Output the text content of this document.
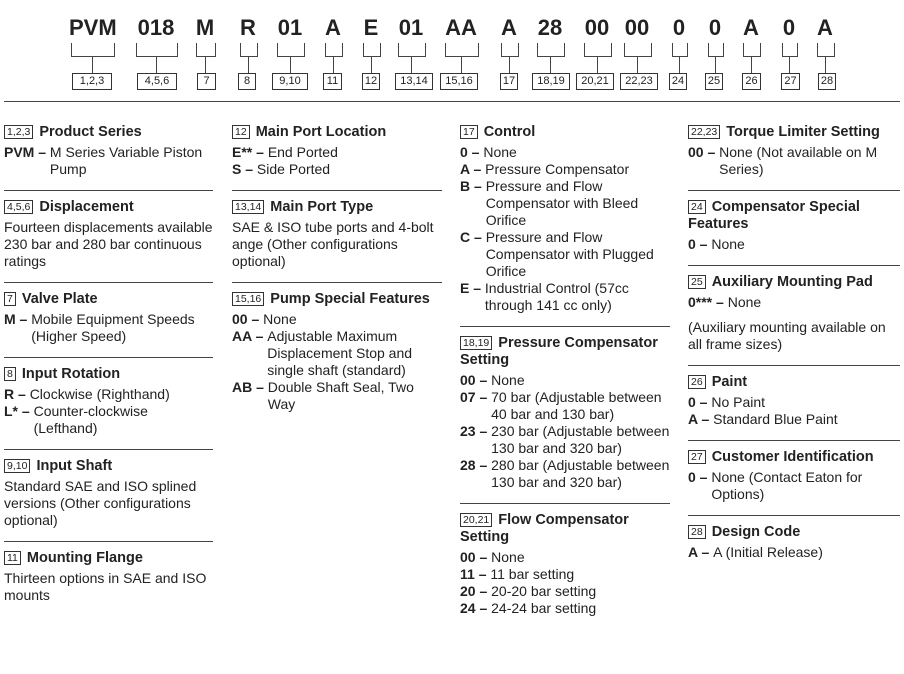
PVM
1,2,3
018
4,5,6
M
7
R
8
01
9,10
A
11
E
12
01
13,14
AA
15,16
A
17
28
18,19
00
20,21
00
22,23
0
24
0
25
A
26
0
27
A
28
1,2,3 Product Series
PVM – M Series Variable Piston Pump
4,5,6 Displacement
Fourteen displacements available 230 bar and 280 bar continuous ratings
7 Valve Plate
M – Mobile Equipment Speeds (Higher Speed)
8 Input Rotation
R – Clockwise (Righthand)
L* – Counter-clockwise (Lefthand)
9,10 Input Shaft
Standard SAE and ISO splined versions (Other configurations optional)
11 Mounting Flange
Thirteen options in SAE and ISO mounts
12 Main Port Location
E** – End Ported
S – Side Ported
13,14 Main Port Type
SAE & ISO tube ports and 4-bolt ange (Other configurations optional)
15,16 Pump Special Features
00 – None
AA – Adjustable Maximum Displacement Stop and single shaft (standard)
AB – Double Shaft Seal, Two Way
17 Control
0 – None
A – Pressure Compensator
B – Pressure and Flow Compensator with Bleed Orifice
C – Pressure and Flow Compensator with Plugged Orifice
E – Industrial Control (57cc through 141 cc only)
18,19 Pressure Compensator Setting
00 – None
07 – 70 bar (Adjustable between 40 bar and 130 bar)
23 – 230 bar (Adjustable between 130 bar and 320 bar)
28 – 280 bar (Adjustable between 130 bar and 320 bar)
20,21 Flow Compensator Setting
00 – None
11 – 11 bar setting
20 – 20-20 bar setting
24 – 24-24 bar setting
22,23 Torque Limiter Setting
00 – None (Not available on M Series)
24 Compensator Special Features
0 – None
25 Auxiliary Mounting Pad
0*** – None
(Auxiliary mounting available on all frame sizes)
26 Paint
0 – No Paint
A – Standard Blue Paint
27 Customer Identification
0 – None (Contact Eaton for Options)
28 Design Code
A – A (Initial Release)
